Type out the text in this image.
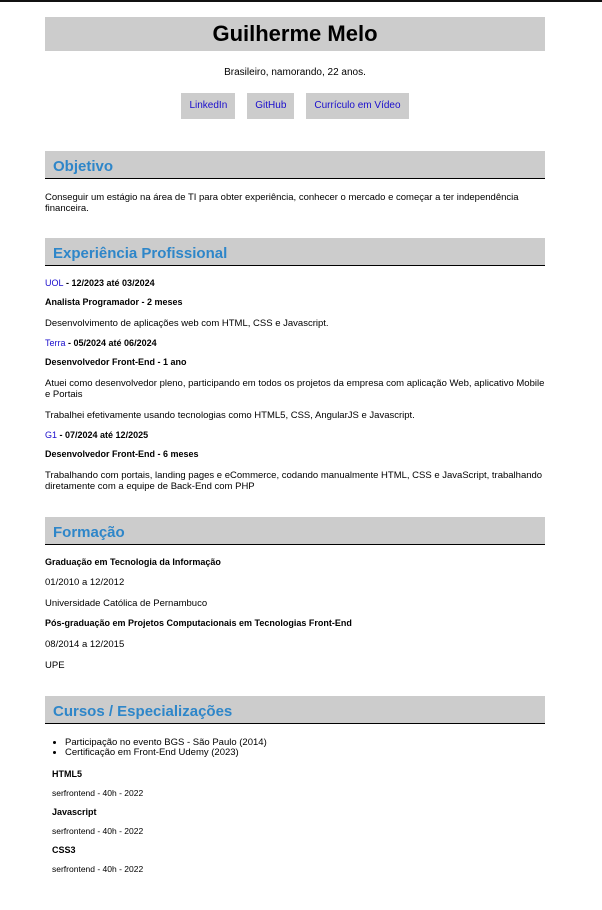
Guilherme Melo
Brasileiro, namorando, 22 anos.
LinkedIn	GitHub	Currículo em Vídeo
Objetivo

Conseguir um estágio na área de TI para obter experiência, conhecer o mercado e começar a ter independência financeira.

Experiência Profissional
UOL - 12/2023 até 03/2024
Analista Programador - 2 meses
Desenvolvimento de aplicações web com HTML, CSS e Javascript.
Terra - 05/2024 até 06/2024
Desenvolvedor Front-End - 1 ano
Atuei como desenvolvedor pleno, participando em todos os projetos da empresa com aplicação Web, aplicativo Mobile e Portais
Trabalhei efetivamente usando tecnologias como HTML5, CSS, AngularJS e Javascript.
G1 - 07/2024 até 12/2025
Desenvolvedor Front-End - 6 meses
Trabalhando com portais, landing pages e eCommerce, codando manualmente HTML, CSS e JavaScript, trabalhando diretamente com a equipe de Back-End com PHP
Formação
Graduação em Tecnologia da Informação
01/2010 a 12/2012
Universidade Católica de Pernambuco
Pós-graduação em Projetos Computacionais em Tecnologias Front-End
08/2014 a 12/2015
UPE
Cursos / Especializações
• Participação no evento BGS - São Paulo (2014)
• Certificação em Front-End Udemy (2023)
HTML5
serfrontend - 40h - 2022
Javascript
serfrontend - 40h - 2022
CSS3
serfrontend - 40h - 2022
